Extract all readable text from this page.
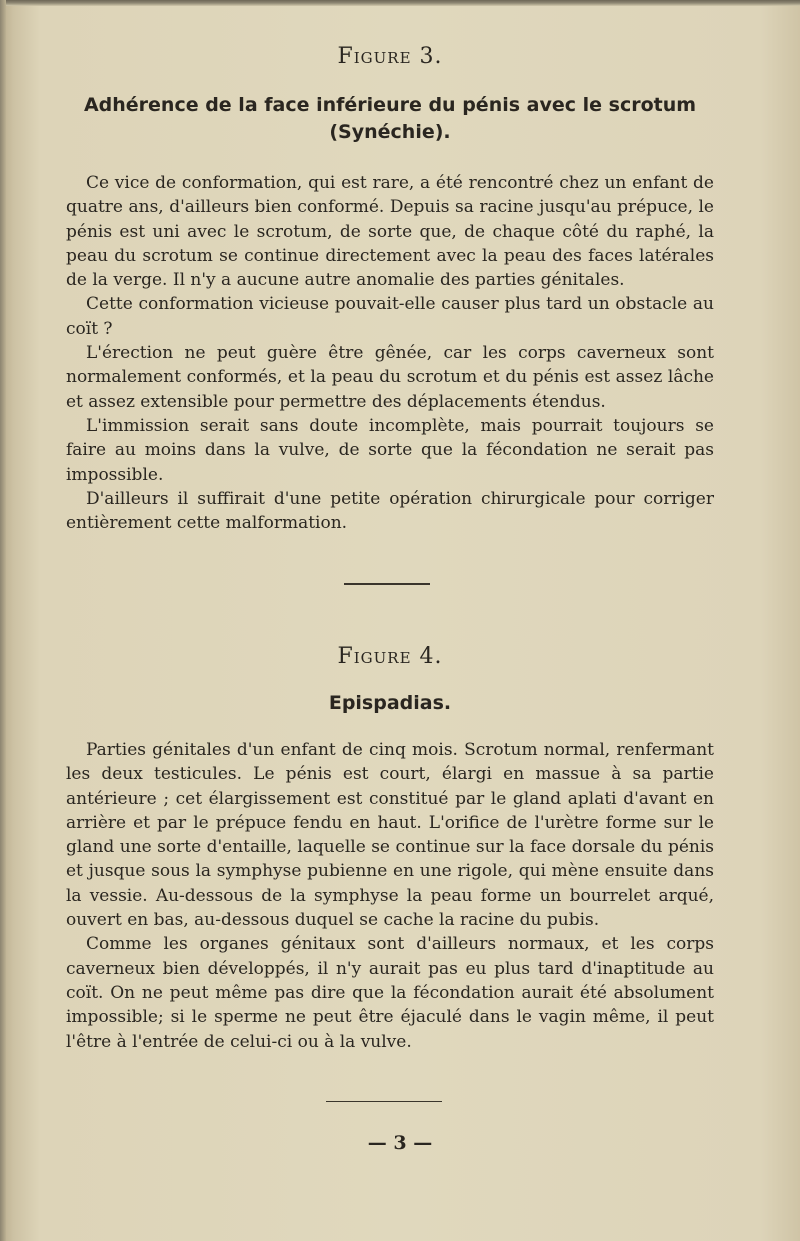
Figure 3.

Adhérence de la face inférieure du pénis avec le scrotum

(Synéchie).

Ce vice de conformation, qui est rare, a été rencontré chez un enfant de quatre ans, d'ailleurs bien conformé. Depuis sa racine jusqu'au prépuce, le pénis est uni avec le scrotum, de sorte que, de chaque côté du raphé, la peau du scrotum se continue directement avec la peau des faces latérales de la verge. Il n'y a aucune autre anomalie des parties génitales.

Cette conformation vicieuse pouvait-elle causer plus tard un obstacle au coït ?

L'érection ne peut guère être gênée, car les corps caverneux sont normalement conformés, et la peau du scrotum et du pénis est assez lâche et assez extensible pour permettre des déplacements étendus.

L'immission serait sans doute incomplète, mais pourrait toujours se faire au moins dans la vulve, de sorte que la fécondation ne serait pas impossible.

D'ailleurs il suffirait d'une petite opération chirurgicale pour corriger entièrement cette malformation.

Figure 4.

Epispadias.

Parties génitales d'un enfant de cinq mois. Scrotum normal, renfermant les deux testicules. Le pénis est court, élargi en massue à sa partie antérieure ; cet élargissement est constitué par le gland aplati d'avant en arrière et par le prépuce fendu en haut. L'orifice de l'urètre forme sur le gland une sorte d'entaille, laquelle se continue sur la face dorsale du pénis et jusque sous la symphyse pubienne en une rigole, qui mène ensuite dans la vessie. Au-dessous de la symphyse la peau forme un bourrelet arqué, ouvert en bas, au-dessous duquel se cache la racine du pubis.

Comme les organes génitaux sont d'ailleurs normaux, et les corps caverneux bien développés, il n'y aurait pas eu plus tard d'inaptitude au coït. On ne peut même pas dire que la fécondation aurait été absolument impossible; si le sperme ne peut être éjaculé dans le vagin même, il peut l'être à l'entrée de celui-ci ou à la vulve.

— 3 —
